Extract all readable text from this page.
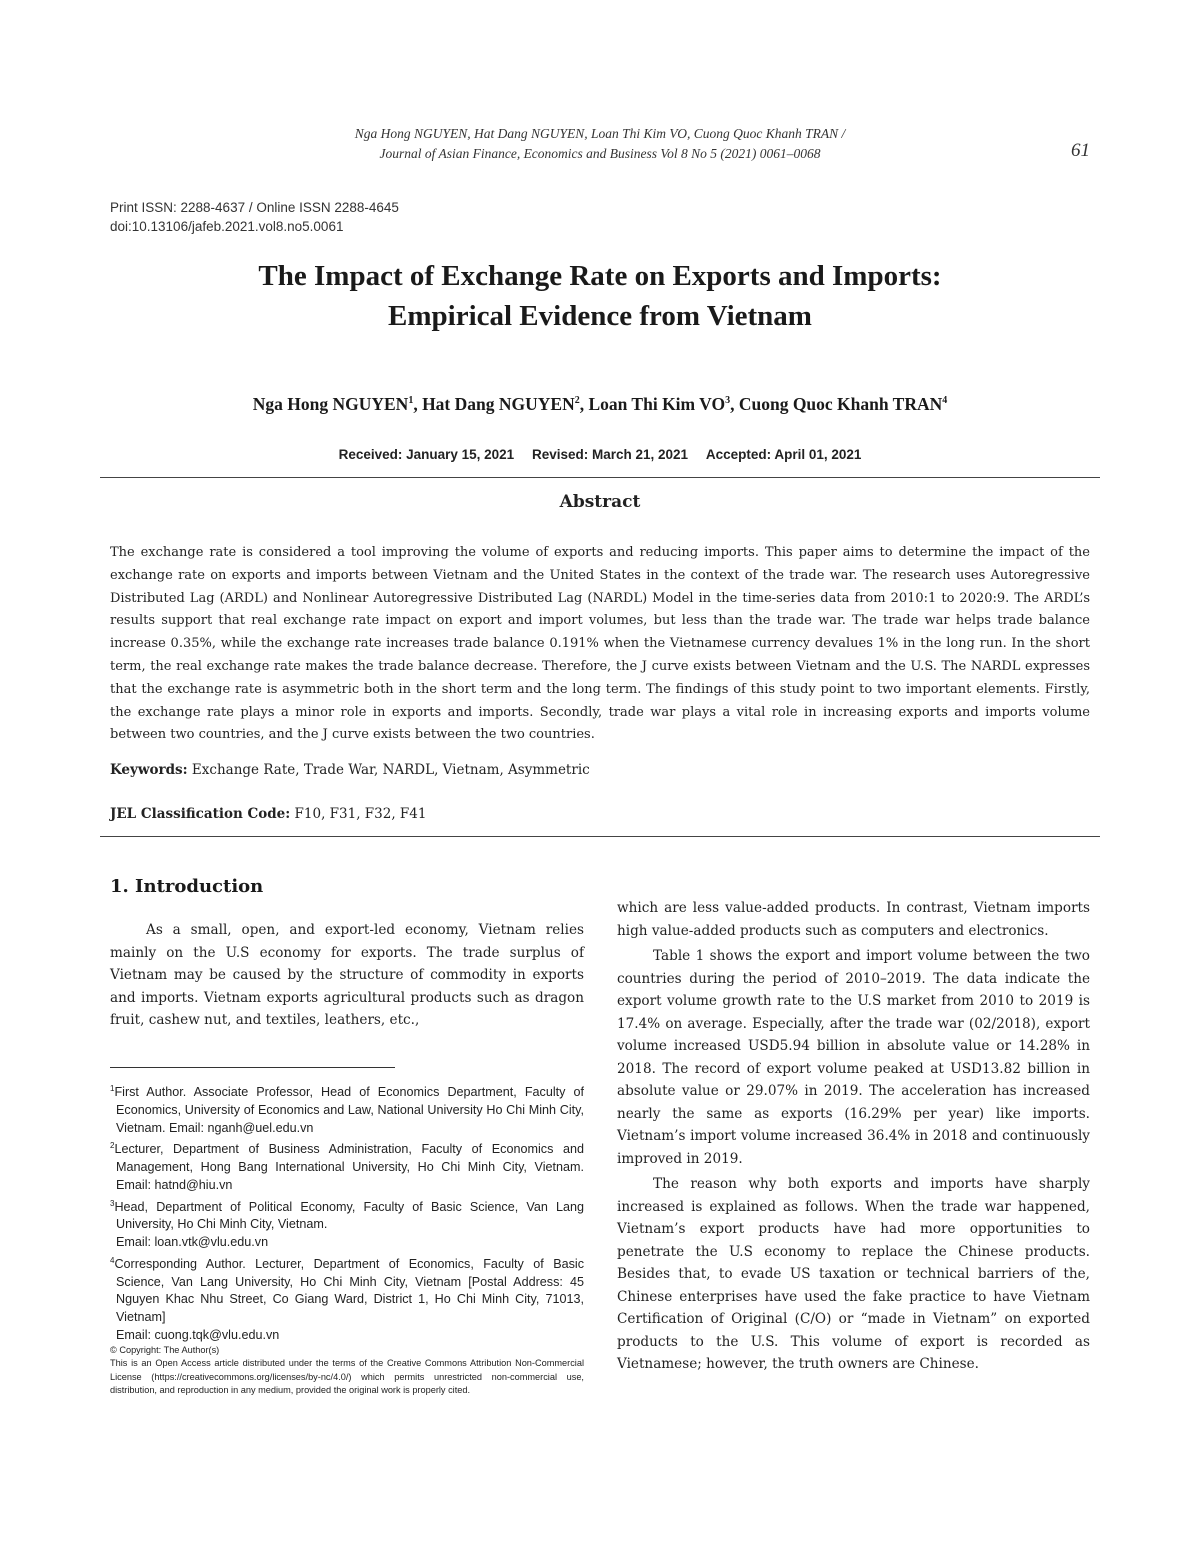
Nga Hong NGUYEN, Hat Dang NGUYEN, Loan Thi Kim VO, Cuong Quoc Khanh TRAN /
Journal of Asian Finance, Economics and Business Vol 8 No 5 (2021) 0061–0068	61
Print ISSN: 2288-4637 / Online ISSN 2288-4645
doi:10.13106/jafeb.2021.vol8.no5.0061
The Impact of Exchange Rate on Exports and Imports:
Empirical Evidence from Vietnam
Nga Hong NGUYEN$^1$, Hat Dang NGUYEN$^2$, Loan Thi Kim $VO^3$, Cuong Quoc Khanh TRAN$^4$
Received: January 15, 2021 Revised: March 21, 2021 Accepted: April 01, 2021
Abstract
The exchange rate is considered a tool improving the volume of exports and reducing imports. This paper aims to determine the impact of the exchange rate on exports and imports between Vietnam and the United States in the context of the trade war. The research uses Autoregressive Distributed Lag (ARDL) and Nonlinear Autoregressive Distributed Lag (NARDL) Model in the time-series data from 2010:1 to 2020:9. The ARDL’s results support that real exchange rate impact on export and import volumes, but less than the trade war. The trade war helps trade balance increase 0.35%, while the exchange rate increases trade balance 0.191% when the Vietnamese currency devalues 1% in the long run. In the short term, the real exchange rate makes the trade balance decrease. Therefore, the J curve exists between Vietnam and the U.S. The NARDL expresses that the exchange rate is asymmetric both in the short term and the long term. The findings of this study point to two important elements. Firstly, the exchange rate plays a minor role in exports and imports. Secondly, trade war plays a vital role in increasing exports and imports volume between two countries, and the J curve exists between the two countries.
Keywords: Exchange Rate, Trade War, NARDL, Vietnam, Asymmetric
JEL Classification Code: F10, F31, F32, F41
1. Introduction

As a small, open, and export-led economy, Vietnam relies mainly on the U.S economy for exports. The trade surplus of Vietnam may be caused by the structure of commodity in exports and imports. Vietnam exports agricultural products such as dragon fruit, cashew nut, and textiles, leathers, etc.,

which are less value-added products. In contrast, Vietnam imports high value-added products such as computers and electronics.

Table 1 shows the export and import volume between the two countries during the period of 2010–2019. The data indicate the export volume growth rate to the U.S market from 2010 to 2019 is 17.4% on average. Especially, after the trade war (02/2018), export volume increased USD5.94 billion in absolute value or 14.28% in 2018. The record of export volume peaked at USD13.82 billion in absolute value or 29.07% in 2019. The acceleration has increased nearly the same as exports (16.29% per year) like imports. Vietnam’s import volume increased 36.4% in 2018 and continuously improved in 2019.

The reason why both exports and imports have sharply increased is explained as follows. When the trade war happened, Vietnam’s export products have had more opportunities to penetrate the U.S economy to replace the Chinese products. Besides that, to evade US taxation or technical barriers of the, Chinese enterprises have used the fake practice to have Vietnam Certification of Original (C/O) or “made in Vietnam” on exported products to the U.S. This volume of export is recorded as Vietnamese; however, the truth owners are Chinese.

$^1$First Author. Associate Professor, Head of Economics Department, Faculty of Economics, University of Economics and Law, National University Ho Chi Minh City, Vietnam. Email: nganh@uel.edu.vn

$^2$Lecturer, Department of Business Administration, Faculty of Economics and Management, Hong Bang International University, Ho Chi Minh City, Vietnam. Email: hatnd@hiu.vn

$^3$Head, Department of Political Economy, Faculty of Basic Science, Van Lang University, Ho Chi Minh City, Vietnam.
Email: loan.vtk@vlu.edu.vn

$^4$Corresponding Author. Lecturer, Department of Economics, Faculty of Basic Science, Van Lang University, Ho Chi Minh City, Vietnam [Postal Address: 45 Nguyen Khac Nhu Street, Co Giang Ward, District 1, Ho Chi Minh City, 71013, Vietnam]
Email: cuong.tqk@vlu.edu.vn

© Copyright: The Author(s)
This is an Open Access article distributed under the terms of the Creative Commons Attribution Non-Commercial License (https://creativecommons.org/licenses/by-nc/4.0/) which permits unrestricted non-commercial use, distribution, and reproduction in any medium, provided the original work is properly cited.
